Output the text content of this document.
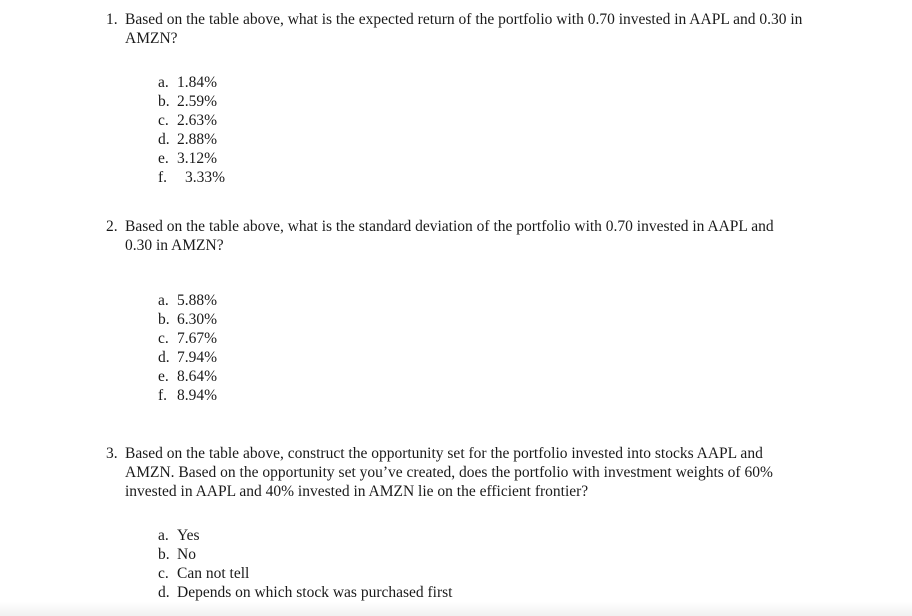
1. Based on the table above, what is the expected return of the portfolio with 0.70 invested in AAPL and 0.30 in AMZN?
a. 1.84%
b. 2.59%
c. 2.63%
d. 2.88%
e. 3.12%
f. 3.33%
2. Based on the table above, what is the standard deviation of the portfolio with 0.70 invested in AAPL and 0.30 in AMZN?
a. 5.88%
b. 6.30%
c. 7.67%
d. 7.94%
e. 8.64%
f. 8.94%
3. Based on the table above, construct the opportunity set for the portfolio invested into stocks AAPL and AMZN. Based on the opportunity set you’ve created, does the portfolio with investment weights of 60% invested in AAPL and 40% invested in AMZN lie on the efficient frontier?
a. Yes
b. No
c. Can not tell
d. Depends on which stock was purchased first
